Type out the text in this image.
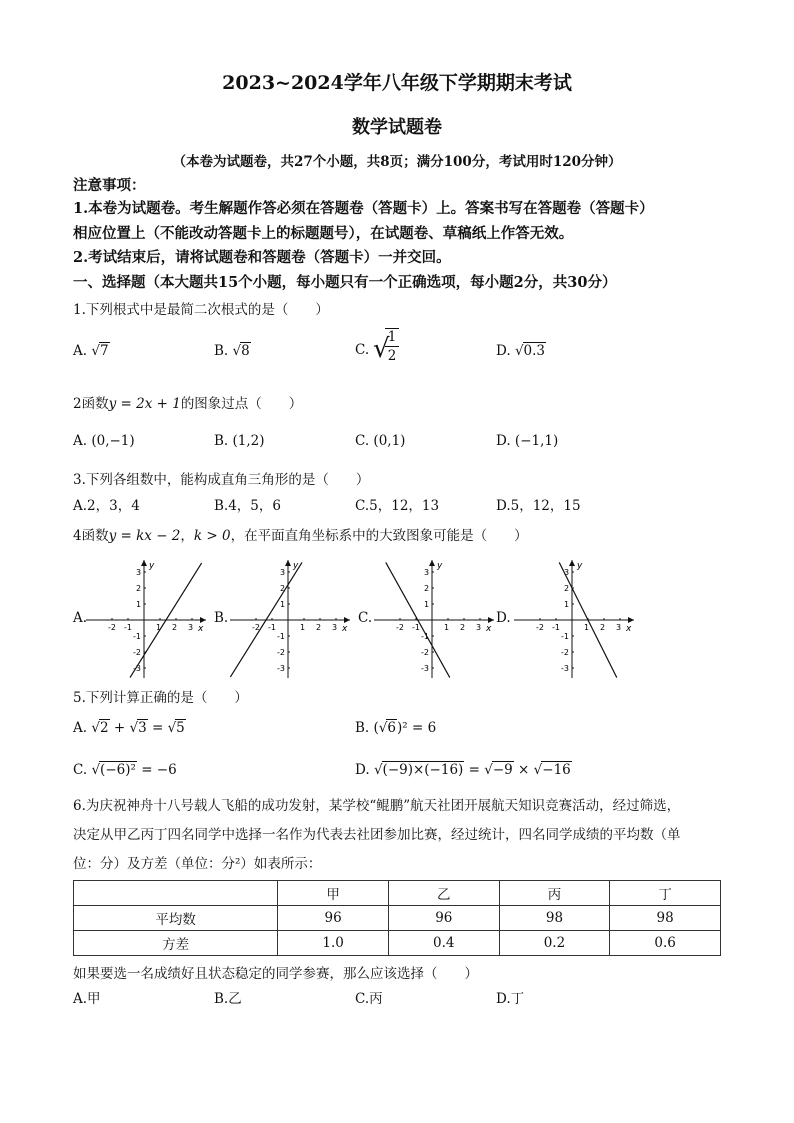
2023~2024学年八年级下学期期末考试
数学试题卷
（本卷为试题卷，共27个小题，共8页；满分100分，考试用时120分钟）
注意事项：
1.本卷为试题卷。考生解题作答必须在答题卷（答题卡）上。答案书写在答题卷（答题卡）
相应位置上（不能改动答题卡上的标题题号），在试题卷、草稿纸上作答无效。
2.考试结束后，请将试题卷和答题卷（答题卡）一并交回。
一、选择题（本大题共15个小题，每小题只有一个正确选项，每小题2分，共30分）
1.下列根式中是最简二次根式的是（　　）
A. √7	B. √8	C. √
1
2	D. √0.3
2函数y = 2x + 1的图象过点（　　）
A. (0,−1)	B. (1,2)	C. (0,1)	D. (−1,1)
3.下列各组数中，能构成直角三角形的是（　　）
A.2，3，4	B.4，5，6	C.5，12，13	D.5，12，15
4函数y = kx − 2，k > 0，在平面直角坐标系中的大致图象可能是（　　）
A.	B.	C.	D.
x
y
-2 -1	1 2 3
3
2
1
-1
-2
-3
x
y
-2 -1	1 2 3
3
2
1
-1
-2
-3
x
y
-2 -1	1 2 3
3
2
1
-1
-2
-3
x
y
-2 -1	1 2 3
3
2
1
-1
-2
-3
5.下列计算正确的是（　　）
A. √2 + √3 = √5	B. (√6)² = 6
C. √(−6)² = −6	D. √(−9)×(−16) = √−9 × √−16
6.为庆祝神舟十八号载人飞船的成功发射，某学校“鲲鹏”航天社团开展航天知识竞赛活动，经过筛选，
决定从甲乙丙丁四名同学中选择一名作为代表去社团参加比赛，经过统计，四名同学成绩的平均数（单
位：分）及方差（单位：分²）如表所示：
	甲	乙	丙	丁
平均数	96	96	98	98
方差	1.0	0.4	0.2	0.6
如果要选一名成绩好且状态稳定的同学参赛，那么应该选择（　　）
A.甲	B.乙	C.丙	D.丁
